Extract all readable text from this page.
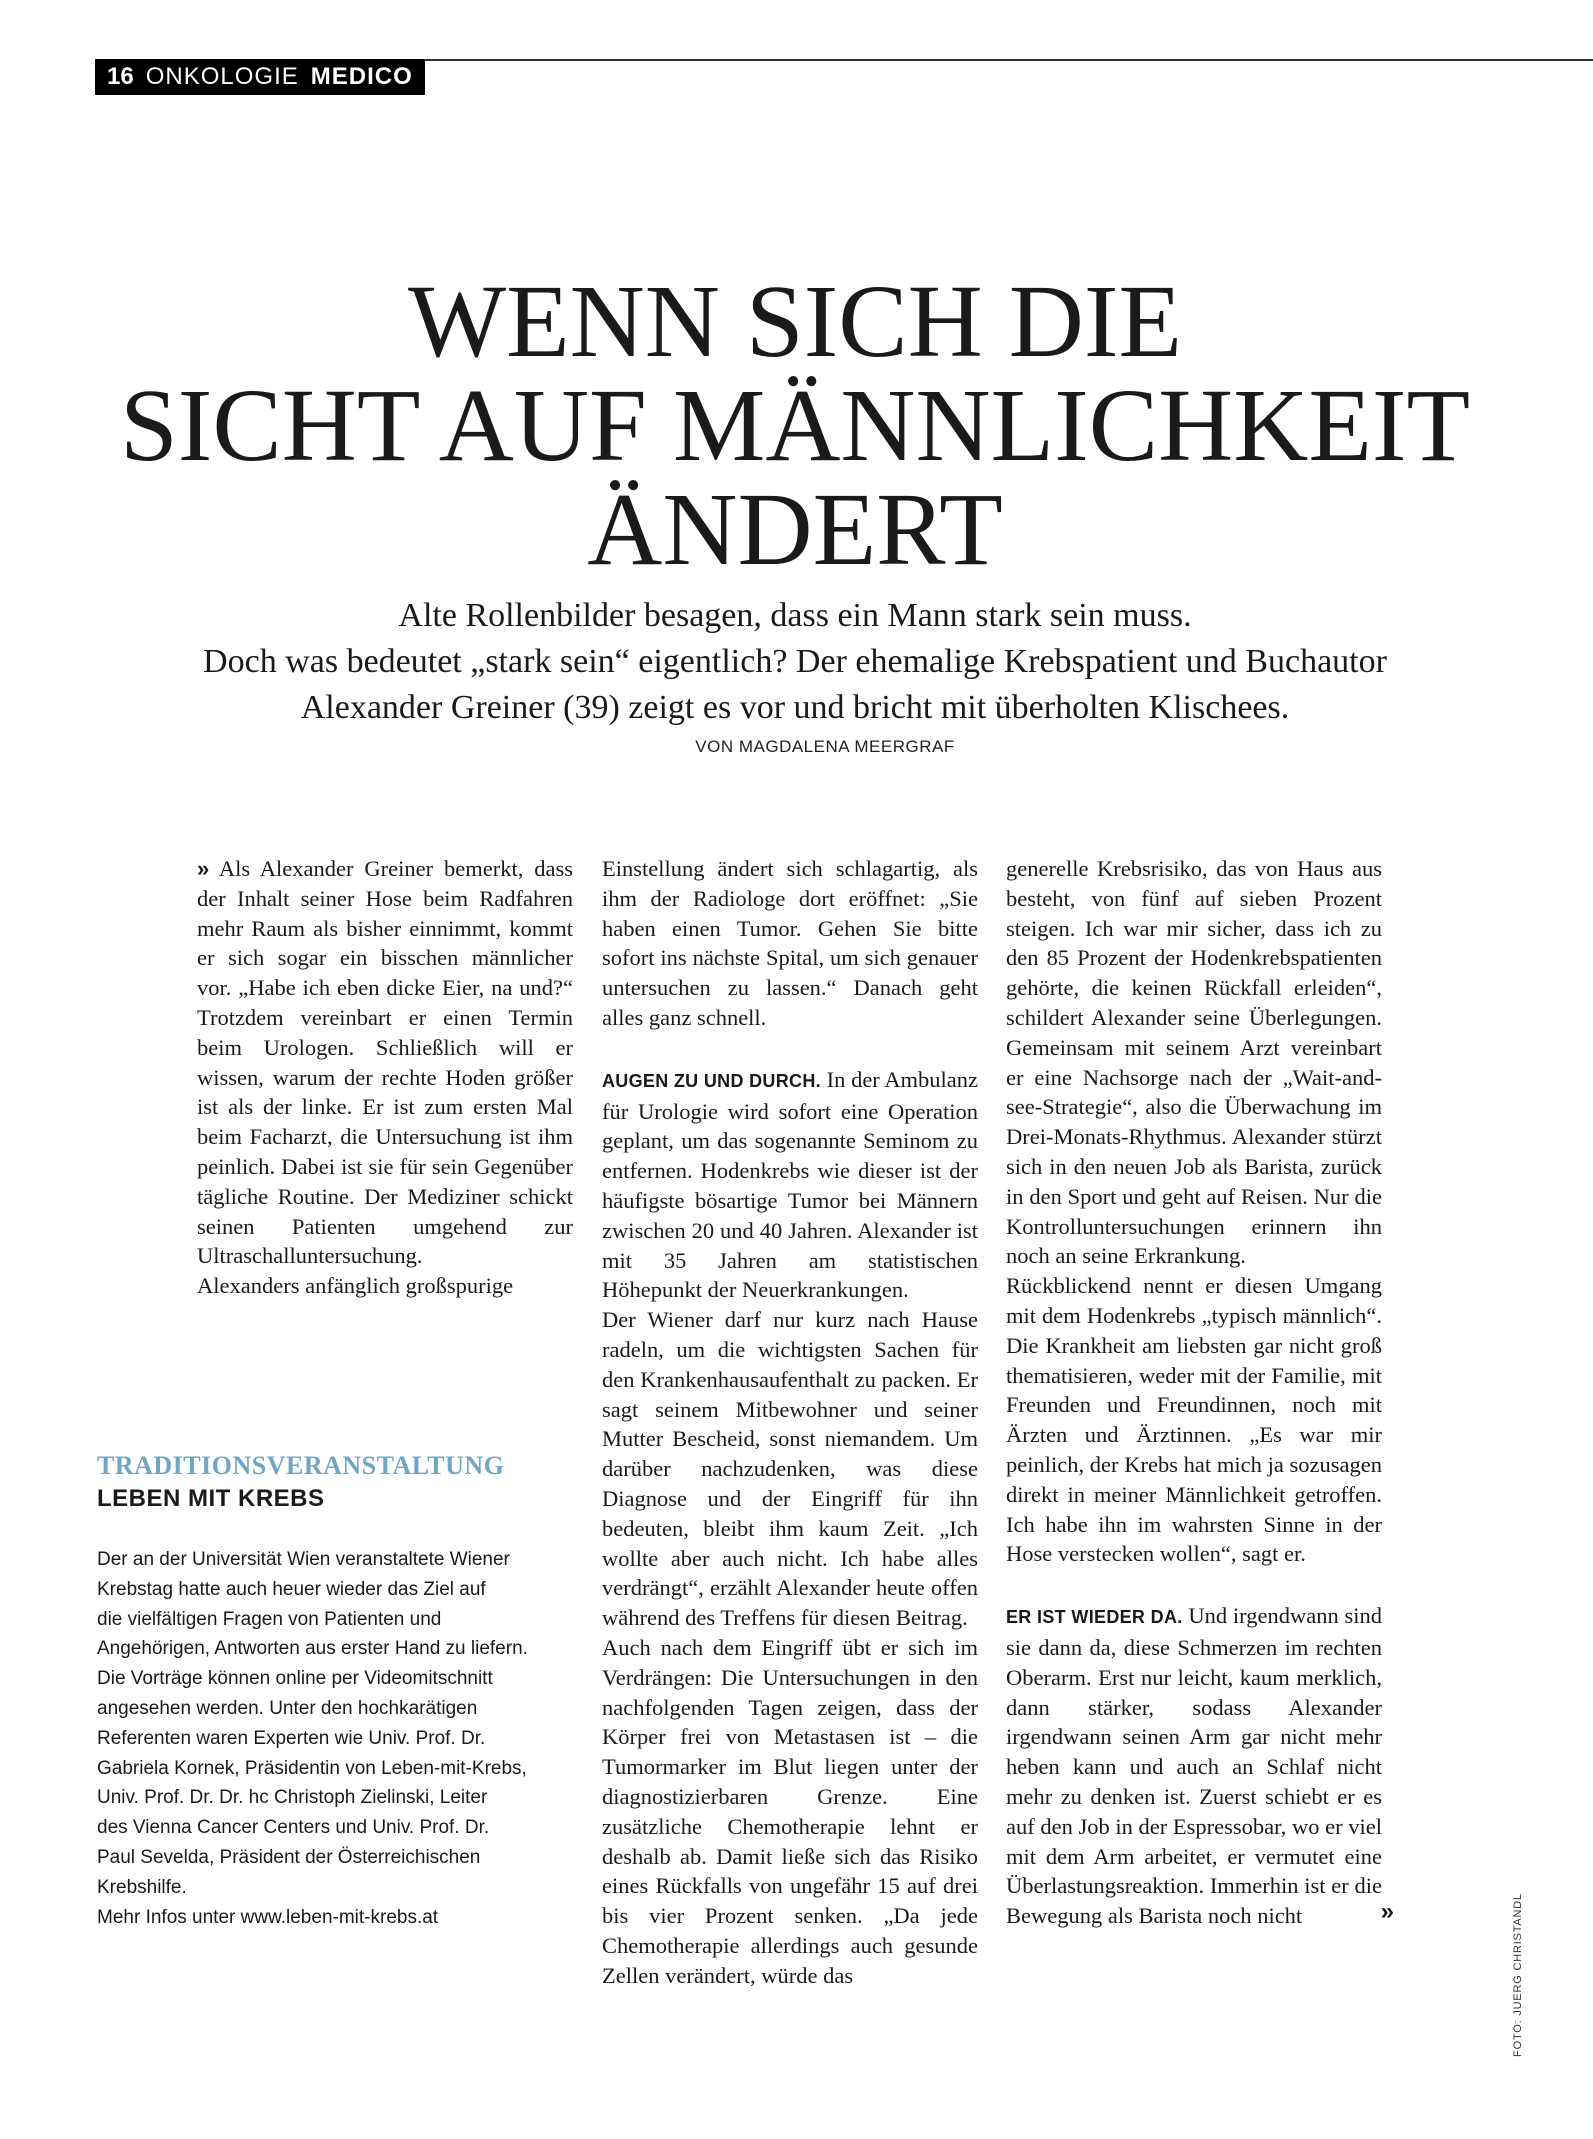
16 ONKOLOGIE MEDICO
WENN SICH DIE
SICHT AUF MÄNNLICHKEIT
ÄNDERT
Alte Rollenbilder besagen, dass ein Mann stark sein muss.
Doch was bedeutet „stark sein“ eigentlich? Der ehemalige Krebspatient und Buchautor
Alexander Greiner (39) zeigt es vor und bricht mit überholten Klischees.
VON MAGDALENA MEERGRAF

» Als Alexander Greiner bemerkt, dass der Inhalt seiner Hose beim Radfahren mehr Raum als bisher einnimmt, kommt er sich sogar ein bisschen männlicher vor. „Habe ich eben dicke Eier, na und?“ Trotzdem vereinbart er einen Termin beim Urologen. Schließlich will er wissen, warum der rechte Hoden größer ist als der linke. Er ist zum ersten Mal beim Facharzt, die Untersuchung ist ihm peinlich. Dabei ist sie für sein Gegenüber tägliche Routine. Der Mediziner schickt seinen Patienten umgehend zur Ultraschalluntersuchung.

Alexanders anfänglich großspurige

Einstellung ändert sich schlagartig, als ihm der Radiologe dort eröffnet: „Sie haben einen Tumor. Gehen Sie bitte sofort ins nächste Spital, um sich genauer untersuchen zu lassen.“ Danach geht alles ganz schnell.

AUGEN ZU UND DURCH. In der Ambulanz für Urologie wird sofort eine Operation geplant, um das sogenannte Seminom zu entfernen. Hodenkrebs wie dieser ist der häufigste bösartige Tumor bei Männern zwischen 20 und 40 Jahren. Alexander ist mit 35 Jahren am statistischen Höhepunkt der Neuerkrankungen.

Der Wiener darf nur kurz nach Hause radeln, um die wichtigsten Sachen für den Krankenhausaufenthalt zu packen. Er sagt seinem Mitbewohner und seiner Mutter Bescheid, sonst niemandem. Um darüber nachzudenken, was diese Diagnose und der Eingriff für ihn bedeuten, bleibt ihm kaum Zeit. „Ich wollte aber auch nicht. Ich habe alles verdrängt“, erzählt Alexander heute offen während des Treffens für diesen Beitrag.

Auch nach dem Eingriff übt er sich im Verdrängen: Die Untersuchungen in den nachfolgenden Tagen zeigen, dass der Körper frei von Metastasen ist – die Tumormarker im Blut liegen unter der diagnostizierbaren Grenze. Eine zusätzliche Chemotherapie lehnt er deshalb ab. Damit ließe sich das Risiko eines Rückfalls von ungefähr 15 auf drei bis vier Prozent senken. „Da jede Chemotherapie allerdings auch gesunde Zellen verändert, würde das

generelle Krebsrisiko, das von Haus aus besteht, von fünf auf sieben Prozent steigen. Ich war mir sicher, dass ich zu den 85 Prozent der Hodenkrebspatienten gehörte, die keinen Rückfall erleiden“, schildert Alexander seine Überlegungen. Gemeinsam mit seinem Arzt vereinbart er eine Nachsorge nach der „Wait-and-see-Strategie“, also die Überwachung im Drei-Monats-Rhythmus. Alexander stürzt sich in den neuen Job als Barista, zurück in den Sport und geht auf Reisen. Nur die Kontrolluntersuchungen erinnern ihn noch an seine Erkrankung.

Rückblickend nennt er diesen Umgang mit dem Hodenkrebs „typisch männlich“. Die Krankheit am liebsten gar nicht groß thematisieren, weder mit der Familie, mit Freunden und Freundinnen, noch mit Ärzten und Ärztinnen. „Es war mir peinlich, der Krebs hat mich ja sozusagen direkt in meiner Männlichkeit getroffen. Ich habe ihn im wahrsten Sinne in der Hose verstecken wollen“, sagt er.

ER IST WIEDER DA. Und irgendwann sind sie dann da, diese Schmerzen im rechten Oberarm. Erst nur leicht, kaum merklich, dann stärker, sodass Alexander irgendwann seinen Arm gar nicht mehr heben kann und auch an Schlaf nicht mehr zu denken ist. Zuerst schiebt er es auf den Job in der Espressobar, wo er viel mit dem Arm arbeitet, er vermutet eine Überlastungsreaktion. Immerhin ist er die Bewegung als Barista noch nicht	»

TRADITIONSVERANSTALTUNG

LEBEN MIT KREBS

Der an der Universität Wien veranstaltete Wiener
Krebstag hatte auch heuer wieder das Ziel auf
die vielfältigen Fragen von Patienten und
Angehörigen, Antworten aus erster Hand zu liefern.
Die Vorträge können online per Videomitschnitt
angesehen werden. Unter den hochkarätigen
Referenten waren Experten wie Univ. Prof. Dr.
Gabriela Kornek, Präsidentin von Leben-mit-Krebs,
Univ. Prof. Dr. Dr. hc Christoph Zielinski, Leiter
des Vienna Cancer Centers und Univ. Prof. Dr.
Paul Sevelda, Präsident der Österreichischen
Krebshilfe.
Mehr Infos unter www.leben-mit-krebs.at	FOTO: JUERG CHRISTANDL
